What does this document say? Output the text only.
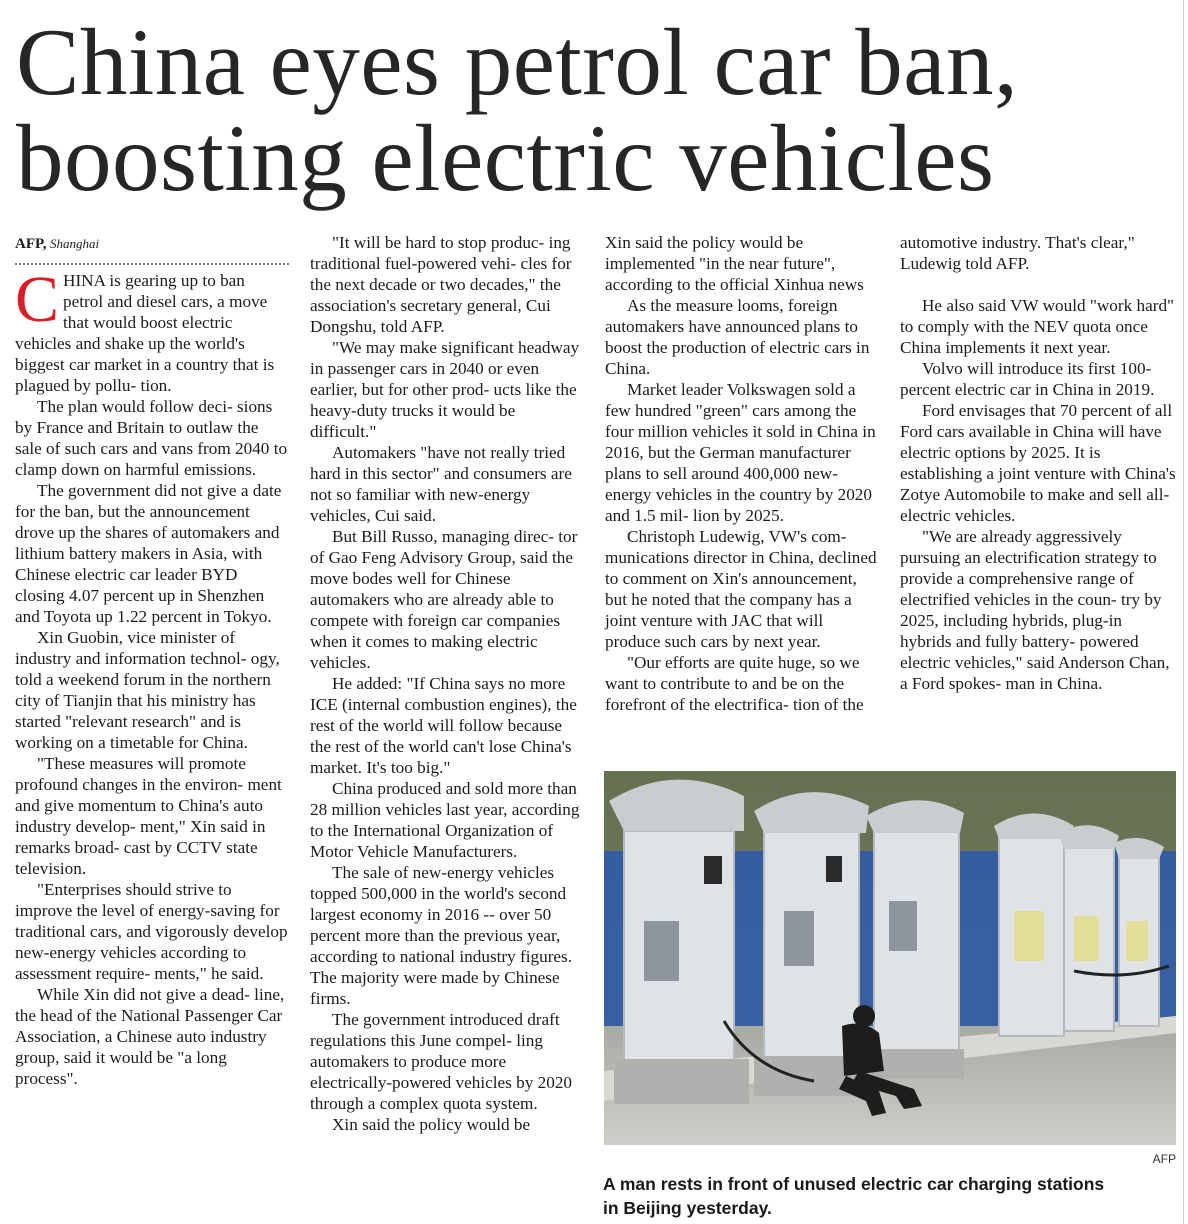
China eyes petrol car ban,
boosting electric vehicles
AFP, Shanghai

CHINA is gearing up to ban petrol and diesel cars, a move that would boost electric vehicles and shake up the world's biggest car market in a country that is plagued by pollu- tion.

The plan would follow deci- sions by France and Britain to outlaw the sale of such cars and vans from 2040 to clamp down on harmful emissions.

The government did not give a date for the ban, but the announcement drove up the shares of automakers and lithium battery makers in Asia, with Chinese electric car leader BYD closing 4.07 percent up in Shenzhen and Toyota up 1.22 percent in Tokyo.

Xin Guobin, vice minister of industry and information technol- ogy, told a weekend forum in the northern city of Tianjin that his ministry has started "relevant research" and is working on a timetable for China.

"These measures will promote profound changes in the environ- ment and give momentum to China's auto industry develop- ment," Xin said in remarks broad- cast by CCTV state television.

"Enterprises should strive to improve the level of energy-saving for traditional cars, and vigorously develop new-energy vehicles according to assessment require- ments," he said.

While Xin did not give a dead- line, the head of the National Passenger Car Association, a Chinese auto industry group, said it would be "a long process".

"It will be hard to stop produc- ing traditional fuel-powered vehi- cles for the next decade or two decades," the association's secretary general, Cui Dongshu, told AFP.

"We may make significant headway in passenger cars in 2040 or even earlier, but for other prod- ucts like the heavy-duty trucks it would be difficult."

Automakers "have not really tried hard in this sector" and consumers are not so familiar with new-energy vehicles, Cui said.

But Bill Russo, managing direc- tor of Gao Feng Advisory Group, said the move bodes well for Chinese automakers who are already able to compete with foreign car companies when it comes to making electric vehicles.

He added: "If China says no more ICE (internal combustion engines), the rest of the world will follow because the rest of the world can't lose China's market. It's too big."

China produced and sold more than 28 million vehicles last year, according to the International Organization of Motor Vehicle Manufacturers.

The sale of new-energy vehicles topped 500,000 in the world's second largest economy in 2016 -- over 50 percent more than the previous year, according to national industry figures. The majority were made by Chinese firms.

The government introduced draft regulations this June compel- ling automakers to produce more electrically-powered vehicles by 2020 through a complex quota system.

Xin said the policy would be

Xin said the policy would be implemented "in the near future", according to the official Xinhua news

As the measure looms, foreign automakers have announced plans to boost the production of electric cars in China.

Market leader Volkswagen sold a few hundred "green" cars among the four million vehicles it sold in China in 2016, but the German manufacturer plans to sell around 400,000 new-energy vehicles in the country by 2020 and 1.5 mil- lion by 2025.

Christoph Ludewig, VW's com- munications director in China, declined to comment on Xin's announcement, but he noted that the company has a joint venture with JAC that will produce such cars by next year.

"Our efforts are quite huge, so we want to contribute to and be on the forefront of the electrifica- tion of the

automotive industry. That's clear," Ludewig told AFP.

He also said VW would "work hard" to comply with the NEV quota once China implements it next year.

Volvo will introduce its first 100-percent electric car in China in 2019.

Ford envisages that 70 percent of all Ford cars available in China will have electric options by 2025. It is establishing a joint venture with China's Zotye Automobile to make and sell all-electric vehicles.

"We are already aggressively pursuing an electrification strategy to provide a comprehensive range of electrified vehicles in the coun- try by 2025, including hybrids, plug-in hybrids and fully battery- powered electric vehicles," said Anderson Chan, a Ford spokes- man in China.

AFP
A man rests in front of unused electric car charging stations
in Beijing yesterday.
